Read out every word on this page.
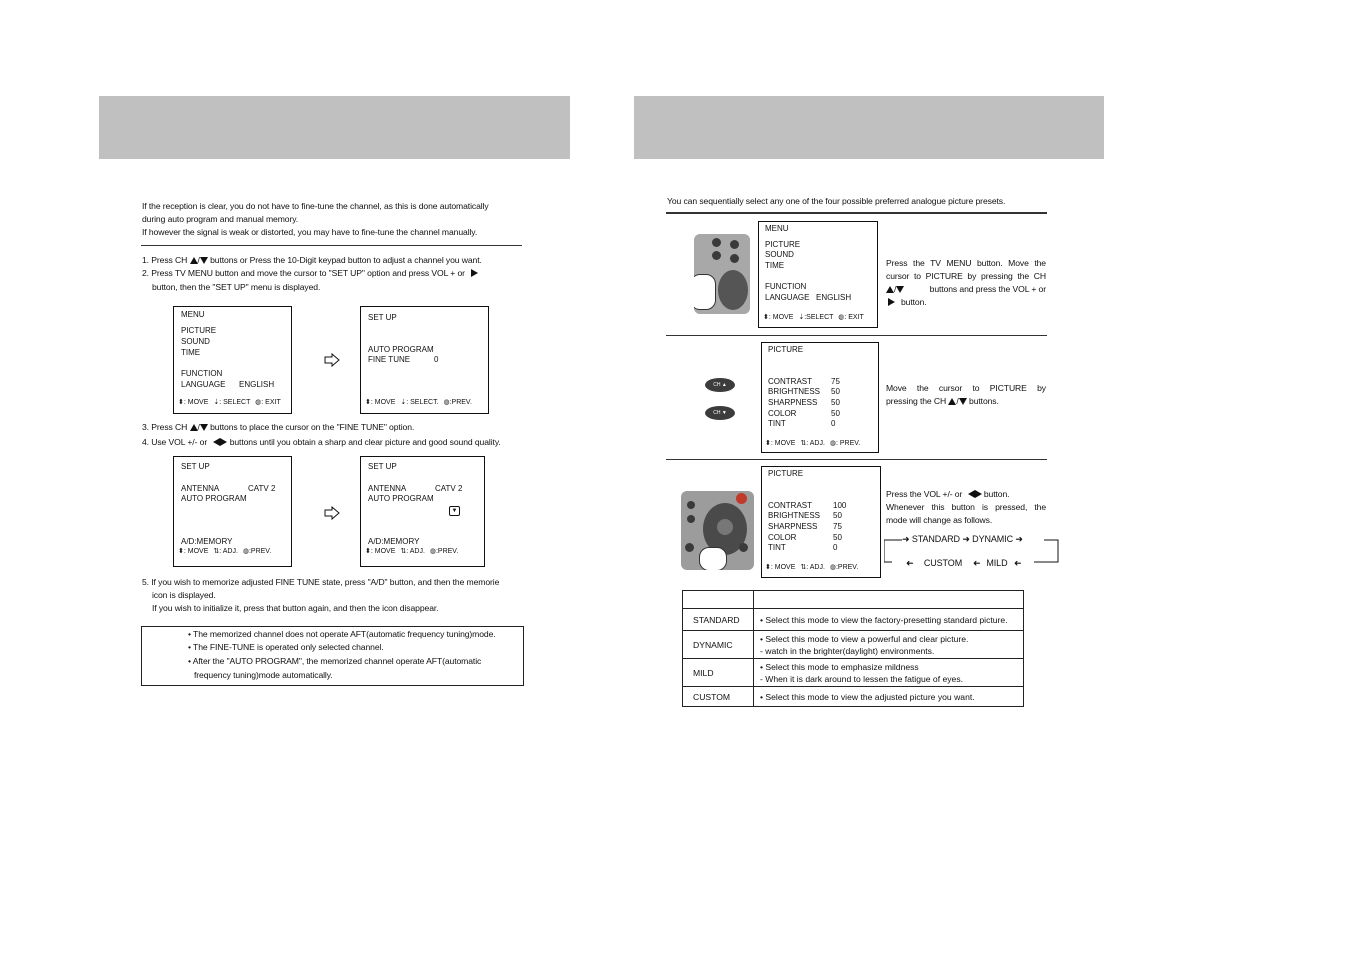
If the reception is clear, you do not have to fine-tune the channel, as this is done automatically
during auto program and manual memory.
If however the signal is weak or distorted, you may have to fine-tune the channel manually.
1. Press CH / buttons or Press the 10-Digit keypad button to adjust a channel you want.
2. Press TV MENU button and move the cursor to "SET UP" option and press VOL + or
button, then the "SET UP" menu is displayed.
MENU
PICTURE
SOUND
TIME
FUNCTION
LANGUAGE ENGLISH
⬍: MOVE ⇣: SELECT ◍: EXIT
SET UP
AUTO PROGRAM
FINE TUNE	0
⬍: MOVE ⇣: SELECT. ◍:PREV.
3. Press CH / buttons to place the cursor on the "FINE TUNE" option.
4. Use VOL +/- or	buttons until you obtain a sharp and clear picture and good sound quality.
SET UP
ANTENNA	CATV 2
AUTO PROGRAM
A/D:MEMORY
⬍: MOVE ⇅: ADJ. ◍:PREV.
SET UP
ANTENNA	CATV 2
AUTO PROGRAM
▼
A/D:MEMORY
⬍: MOVE ⇅: ADJ. ◍:PREV.
5. If you wish to memorize adjusted FINE TUNE state, press "A/D" button, and then the memorie
icon is displayed.
If you wish to initialize it, press that button again, and then the icon disappear.
• The memorized channel does not operate AFT(automatic frequency tuning)mode.
• The FINE-TUNE is operated only selected channel.
• After the "AUTO PROGRAM", the memorized channel operate AFT(automatic
frequency tuning)mode automatically.
You can sequentially select any one of the four possible preferred analogue picture presets.
MENU
PICTURE
SOUND
TIME
FUNCTION
LANGUAGE ENGLISH
⬍: MOVE ⇣:SELECT ◍: EXIT
Press the TV MENU button. Move the
cursor to PICTURE by pressing the CH
/	buttons and press the VOL + or
button.
CH ▲
CH ▼
PICTURE
CONTRAST 75
BRIGHTNESS 50
SHARPNESS 50
COLOR	50
TINT	0
⬍: MOVE ⇅: ADJ. ◍: PREV.
Move the cursor to PICTURE by
pressing the CH / buttons.
PICTURE
CONTRAST	100
BRIGHTNESS 50
SHARPNESS 75
COLOR	50
TINT	0
⬍: MOVE ⇅: ADJ. ◍:PREV.
Press the VOL +/- or	button.
Whenever this button is pressed, the
mode will change as follows.
➜ STANDARD ➜ DYNAMIC ➜
➜ CUSTOM ➜ MILD ➜

STANDARD	• Select this mode to view the factory-presetting standard picture.
DYNAMIC	• Select this mode to view a powerful and clear picture.
- watch in the brighter(daylight) environments.

MILD	• Select this mode to emphasize mildness
- When it is dark around to lessen the fatigue of eyes.

CUSTOM	• Select this mode to view the adjusted picture you want.
